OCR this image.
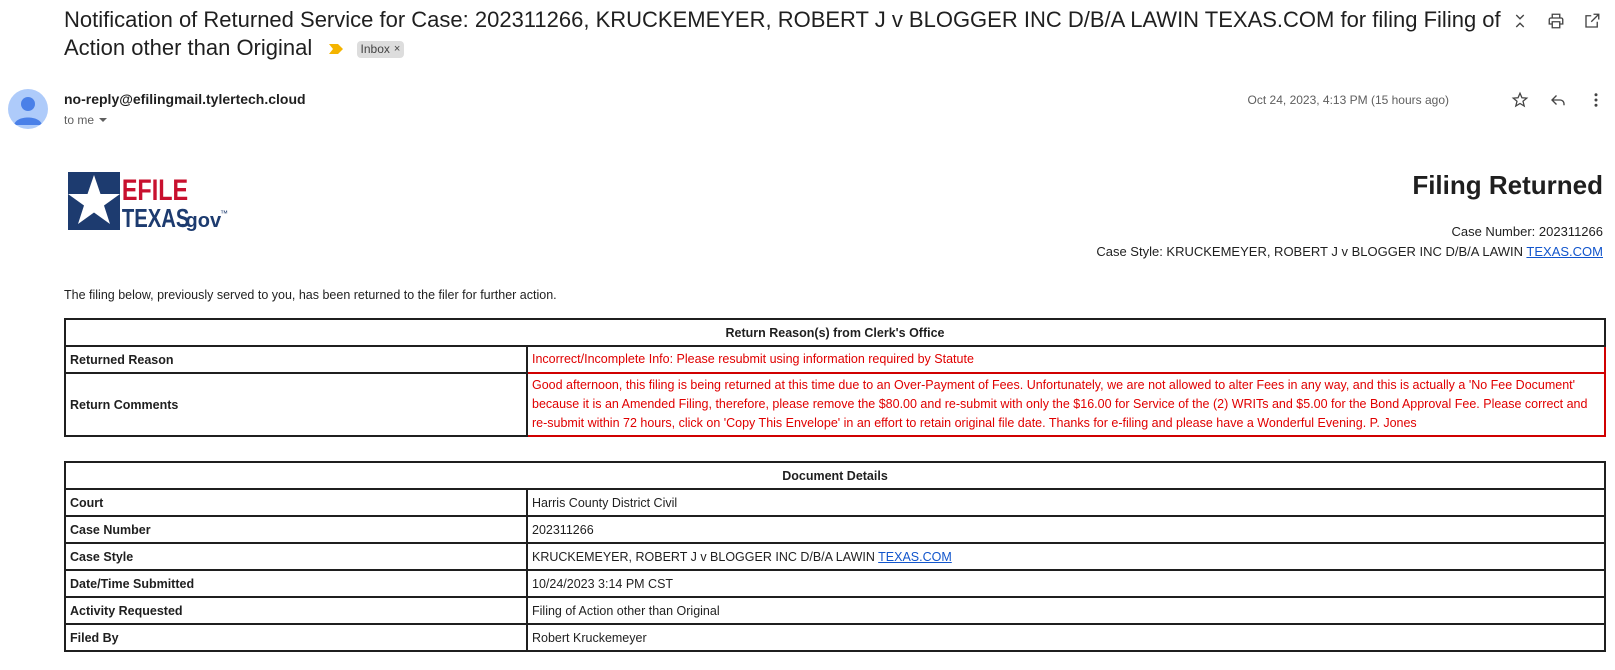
Notification of Returned Service for Case: 202311266, KRUCKEMEYER, ROBERT J v BLOGGER INC D/B/A LAWIN TEXAS.COM for filing Filing of Action other than Original	Inbox ×
no-reply@efilingmail.tylertech.cloud
to me
Oct 24, 2023, 4:13 PM (15 hours ago)
EFILE
TEXAS
.gov
™
Filing Returned
Case Number: 202311266
Case Style: KRUCKEMEYER, ROBERT J v BLOGGER INC D/B/A LAWIN TEXAS.COM
The filing below, previously served to you, has been returned to the filer for further action.
Return Reason(s) from Clerk's Office	
Returned Reason	Incorrect/Incomplete Info: Please resubmit using information required by Statute
Return Comments	Good afternoon, this filing is being returned at this time due to an Over-Payment of Fees. Unfortunately, we are not allowed to alter Fees in any way, and this is actually a 'No Fee Document' because it is an Amended Filing, therefore, please remove the $80.00 and re-submit with only the $16.00 for Service of the (2) WRITs and $5.00 for the Bond Approval Fee. Please correct and re-submit within 72 hours, click on 'Copy This Envelope' in an effort to retain original file date. Thanks for e-filing and please have a Wonderful Evening. P. Jones
Document Details	
Court	Harris County District Civil
Case Number	202311266
Case Style	KRUCKEMEYER, ROBERT J v BLOGGER INC D/B/A LAWIN TEXAS.COM
Date/Time Submitted	10/24/2023 3:14 PM CST
Activity Requested	Filing of Action other than Original
Filed By	Robert Kruckemeyer
